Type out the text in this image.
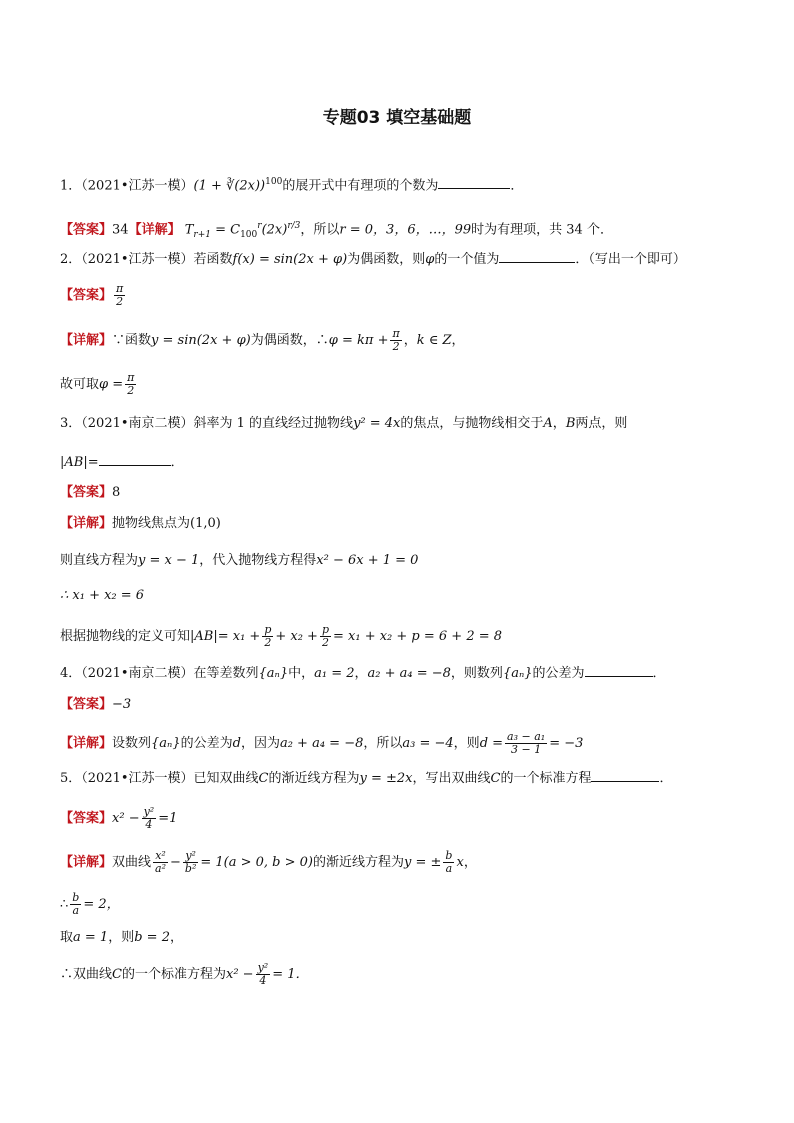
专题03 填空基础题
1．（2021•江苏一模）(1 + ∛(2x))$^{100}$的展开式中有理项的个数为	．
【答案】34【详解】 $T_{r+1} = C_{100}^r(2x)^{r/3}$，所以r = 0，3，6，…，99时为有理项，共 34 个．
2．（2021•江苏一模）若函数f(x) = sin(2x + φ)为偶函数，则φ的一个值为	．（写出一个即可）
【答案】 $\frac{\pi}{2}$
【详解】∵函数y = sin(2x + φ)为偶函数，∴φ = $k\pi + \frac{\pi}{2}$ ，k ∈ Z，
故可取$\varphi = \frac{\pi}{2}$
3．（2021•南京二模）斜率为 1 的直线经过抛物线y² = 4x的焦点，与抛物线相交于A，B两点，则
|AB|=	．
【答案】8
【详解】抛物线焦点为(1,0)
则直线方程为y = x − 1，代入抛物线方程得x² − 6x + 1 = 0
∴ x₁ + x₂ = 6
根据抛物线的定义可知$|AB|= x_1 + \frac{p}{2} + x_2 + \frac{p}{2} = x_1 + x_2 + p = 6 + 2 = 8$
4．（2021•南京二模）在等差数列{aₙ}中，a₁ = 2，a₂ + a₄ = −8，则数列{aₙ}的公差为	．
【答案】−3
【详解】设数列{aₙ}的公差为d，因为a₂ + a₄ = −8，所以a₃ = −4，则$d = \frac{\text{a₃ − a₁}}{3 - 1} = -3$
5．（2021•江苏一模）已知双曲线C的渐近线方程为y = ±2x，写出双曲线C的一个标准方程	．
【答案】$x^2 - \frac{\text{y²}}{4} =1$
【详解】双曲线 $\frac{\text{x²}}{\text{a²}} - \frac{\text{y²}}{\text{b²}} = 1(a > 0$, b > 0)的渐近线方程为y = ± $\frac{b}{a}$ x，
∴ $\frac{b}{a} = 2$，
取a = 1，则b = 2，
∴双曲线C的一个标准方程为$x^2 - \frac{\text{y²}}{4} = 1$．
